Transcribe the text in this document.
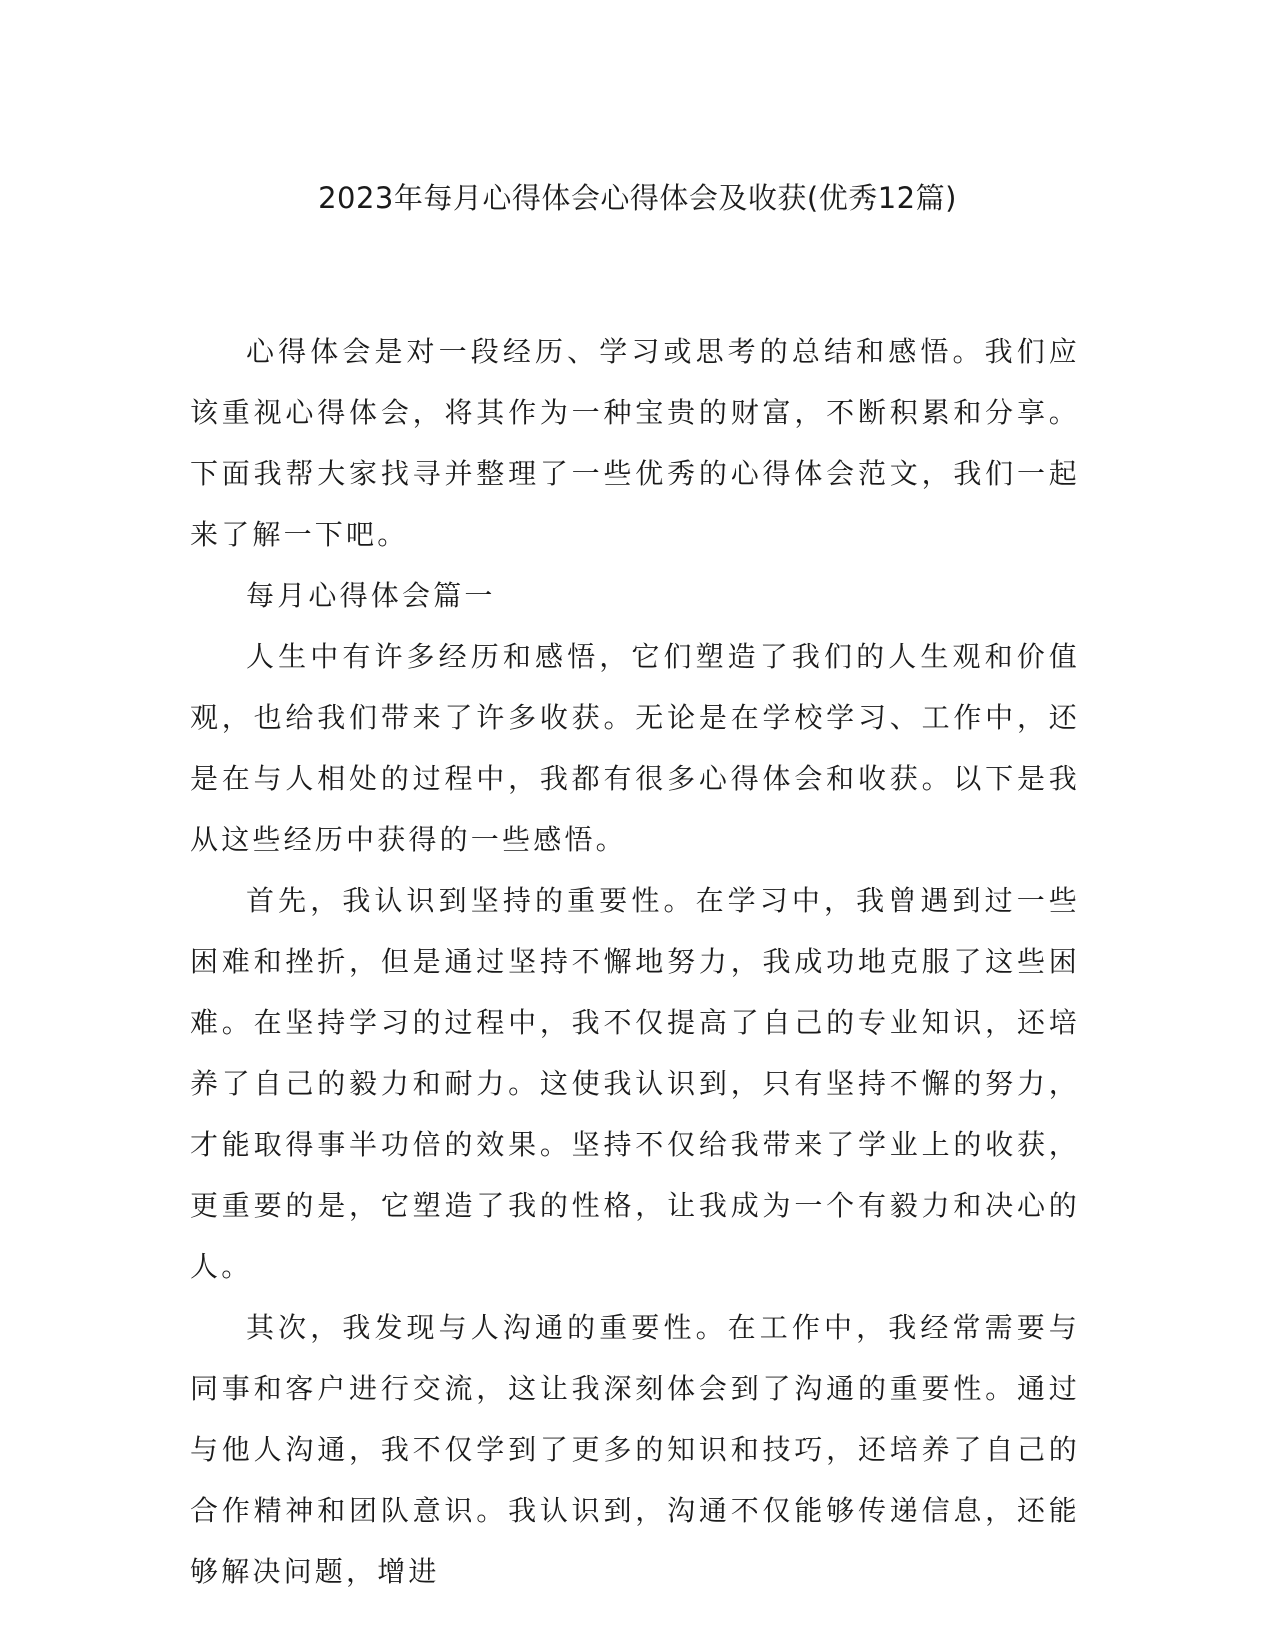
2023年每月心得体会心得体会及收获(优秀12篇)

心得体会是对一段经历、学习或思考的总结和感悟。我们应该重视心得体会，将其作为一种宝贵的财富，不断积累和分享。下面我帮大家找寻并整理了一些优秀的心得体会范文，我们一起来了解一下吧。

每月心得体会篇一

人生中有许多经历和感悟，它们塑造了我们的人生观和价值观，也给我们带来了许多收获。无论是在学校学习、工作中，还是在与人相处的过程中，我都有很多心得体会和收获。以下是我从这些经历中获得的一些感悟。

首先，我认识到坚持的重要性。在学习中，我曾遇到过一些困难和挫折，但是通过坚持不懈地努力，我成功地克服了这些困难。在坚持学习的过程中，我不仅提高了自己的专业知识，还培养了自己的毅力和耐力。这使我认识到，只有坚持不懈的努力，才能取得事半功倍的效果。坚持不仅给我带来了学业上的收获，更重要的是，它塑造了我的性格，让我成为一个有毅力和决心的人。

其次，我发现与人沟通的重要性。在工作中，我经常需要与同事和客户进行交流，这让我深刻体会到了沟通的重要性。通过与他人沟通，我不仅学到了更多的知识和技巧，还培养了自己的合作精神和团队意识。我认识到，沟通不仅能够传递信息，还能够解决问题，增进
